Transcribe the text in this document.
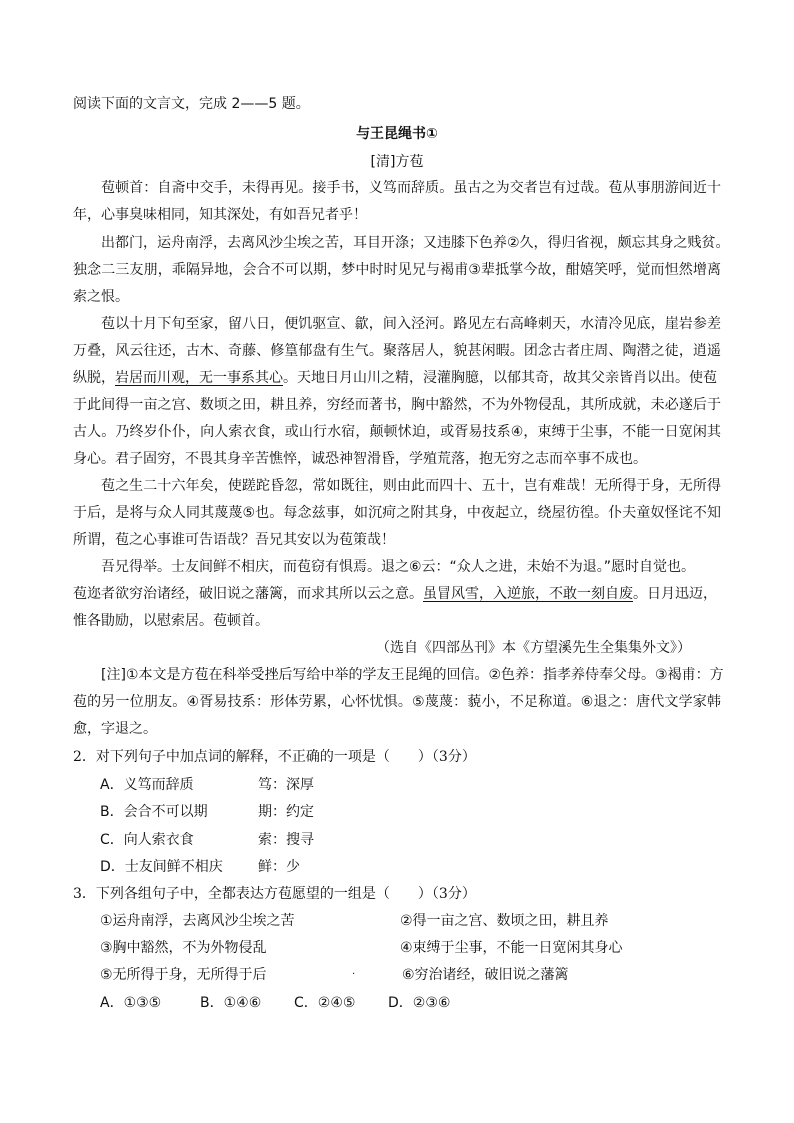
阅读下面的文言文，完成 2——5 题。
与王昆绳书①
[清]方苞
苞顿首：自斋中交手，未得再见。接手书，义笃而辞质。虽古之为交者岂有过哉。苞从事朋游间近十
年，心事臭味相同，知其深处，有如吾兄者乎！
出都门，运舟南浮，去离风沙尘埃之苦，耳目开涤；又违膝下色养②久，得归省视，颇忘其身之贱贫。
独念二三友朋，乖隔异地，会合不可以期，梦中时时见兄与褐甫③辈抵掌今故，酣嬉笑呼，觉而怛然增离
索之恨。
苞以十月下旬至家，留八日，便饥驱宣、歙，间入泾河。路见左右高峰刺天，水清冷见底，崖岩参差
万叠，风云往还，古木、奇藤、修篁郁盘有生气。聚落居人，貌甚闲暇。团念古者庄周、陶潜之徒，逍遥
纵脱，岩居而川观，无一事系其心。天地日月山川之精，浸灌胸臆，以郁其奇，故其父亲皆肖以出。使苞
于此间得一亩之宫、数顷之田，耕且养，穷经而著书，胸中豁然，不为外物侵乱，其所成就，未必遂后于
古人。乃终岁仆仆，向人索衣食，或山行水宿，颠顿怵迫，或胥易技系④，束缚于尘事，不能一日宽闲其
身心。君子固穷，不畏其身辛苦憔悴，诚恐神智滑昏，学殖荒落，抱无穷之志而卒事不成也。
苞之生二十六年矣，使蹉跎昏忽，常如既往，则由此而四十、五十，岂有难哉！无所得于身，无所得
于后，是将与众人同其蔑蔑⑤也。每念兹事，如沉疴之附其身，中夜起立，绕屋彷徨。仆夫童奴怪诧不知
所谓，苞之心事谁可告语哉？吾兄其安以为苞策哉！
吾兄得举。士友间鲜不相庆，而苞窃有惧焉。退之⑥云：“众人之进，未始不为退。”愿时自觉也。
苞迩者欲穷治诸经，破旧说之藩篱，而求其所以云之意。虽冒风雪，入逆旅，不敢一刻自废。日月迅迈，
惟各勖励，以慰索居。苞顿首。
（选自《四部丛刊》本《方望溪先生全集集外文》）
[注]①本文是方苞在科举受挫后写给中举的学友王昆绳的回信。②色养：指孝养侍奉父母。③褐甫：方
苞的另一位朋友。④胥易技系：形体劳累，心怀忧惧。⑤蔑蔑：藐小，不足称道。⑥退之：唐代文学家韩
愈，字退之。
2．对下列句子中加点词的解释，不正确的一项是（　　）（3分）
A．义笃而辞质	笃：深厚
B．会合不可以期	期：约定
C．向人索衣食	索：搜寻
D．士友间鲜不相庆	鲜：少
3．下列各组句子中，全都表达方苞愿望的一组是（　　）（3分）
①运舟南浮，去离风沙尘埃之苦	②得一亩之宫、数顷之田，耕且养
③胸中豁然，不为外物侵乱	④束缚于尘事，不能一日宽闲其身心
⑤无所得于身，无所得于后	.	⑥穷治诸经，破旧说之藩篱
A．①③⑤	B．①④⑥ C．②④⑤ D．②③⑥
